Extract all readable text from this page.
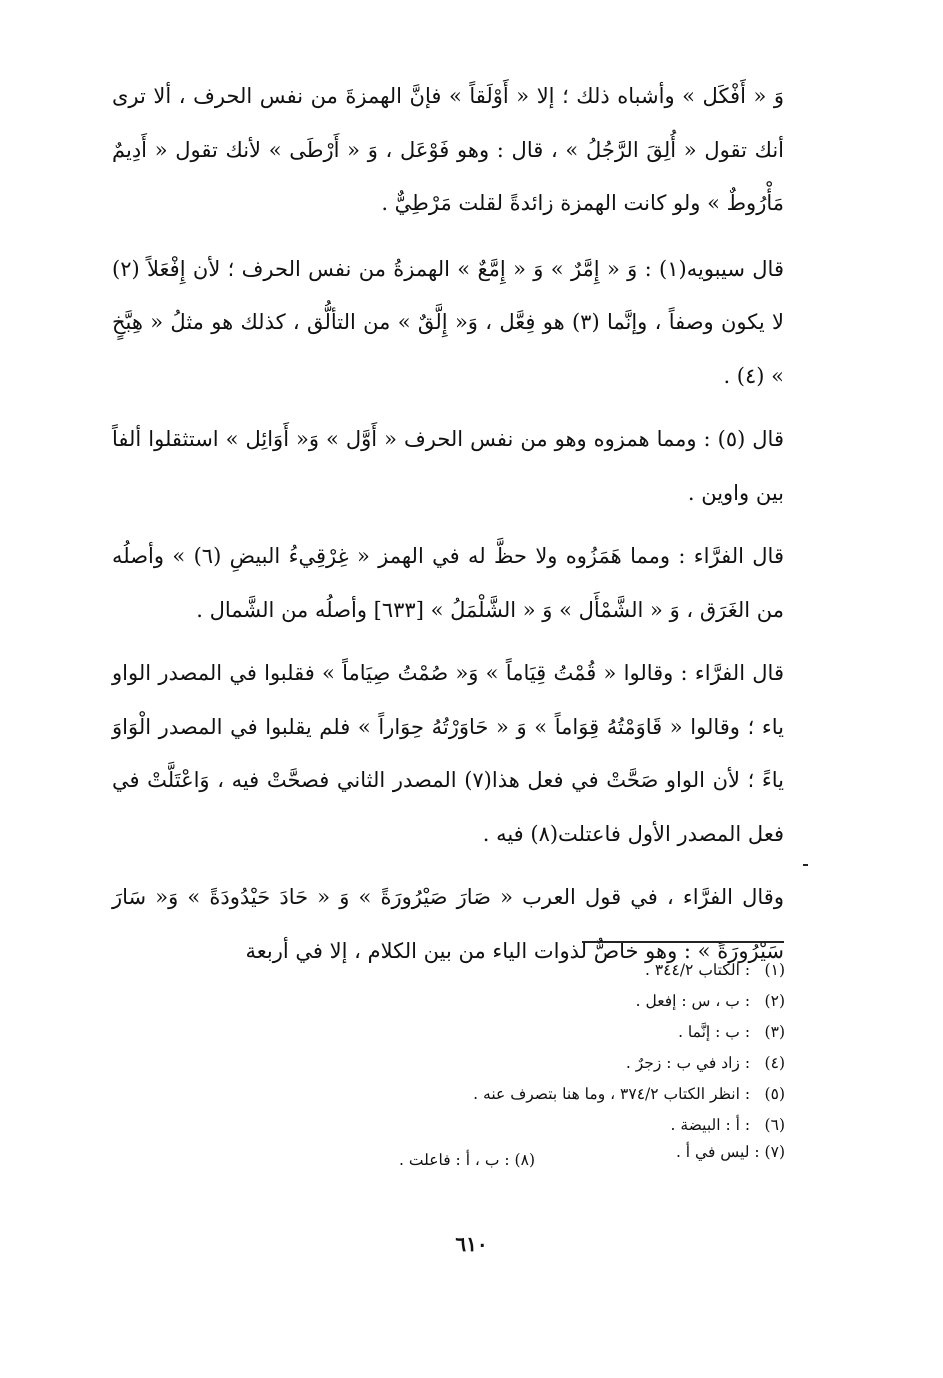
وَ « أَفْكَل » وأشباه ذلك ؛ إلا « أَوْلَقاً » فإنَّ الهمزةَ من نفس الحرف ، ألا ترى أنك تقول « أُلِقَ الرَّجُلُ » ، قال : وهو فَوْعَل ، وَ « أَرْطَى » لأنك تقول « أَدِيمٌ مَأْرُوطٌ » ولو كانت الهمزة زائدةً لقلت مَرْطِيٌّ .

قال سيبويه(١) : وَ « إِمَّرٌ » وَ « إِمَّعٌ » الهمزةُ من نفس الحرف ؛ لأن إِفْعَلاً (٢) لا يكون وصفاً ، وإنَّما (٣) هو فِعَّل ، وَ« إِلَّقٌ » من التألُّق ، كذلك هو مثلُ « هِبَّخٍ » (٤) .

قال (٥) : ومما همزوه وهو من نفس الحرف « أَوَّل » وَ« أَوَائِل » استثقلوا ألفاً بين واوين .

قال الفرَّاء : ومما هَمَزُوه ولا حظَّ له في الهمز « غِرْقِيءُ البيضِ (٦) » وأصلُه من الغَرَق ، وَ « الشَّمْأَل » وَ « الشَّلْمَلُ » [٦٣٣] وأصلُه من الشَّمال .

قال الفرَّاء : وقالوا « قُمْتُ قِيَاماً » وَ« صُمْتُ صِيَاماً » فقلبوا في المصدر الواو ياء ؛ وقالوا « قَاوَمْتُهُ قِوَاماً » وَ « حَاوَرْتُهُ حِوَاراً » فلم يقلبوا في المصدر الْوَاوَ ياءً ؛ لأن الواو صَحَّتْ في فعل هذا(٧) المصدر الثاني فصحَّتْ فيه ، وَاعْتَلَّتْ في فعل المصدر الأول فاعتلت(٨) فيه .

وقال الفرَّاء ، في قول العرب « صَارَ صَيْرُورَةً » وَ « حَادَ حَيْدُودَةً » وَ« سَارَ سَيْرُورَةً » : وهو خاصٌّ لذوات الياء من بين الكلام ، إلا في أربعة

(١) : الكتاب ٣٤٤/٢ .
(٢) : ب ، س : إفعل .
(٣) : ب : إنَّما .
(٤) : زاد في ب : زجرٌ .
(٥) : انظر الكتاب ٣٧٤/٢ ، وما هنا بتصرف عنه .
(٦) : أ : البيضة .
(٧) : ليس في أ .
(٨) : ب ، أ : فاعلت .
٦١٠
